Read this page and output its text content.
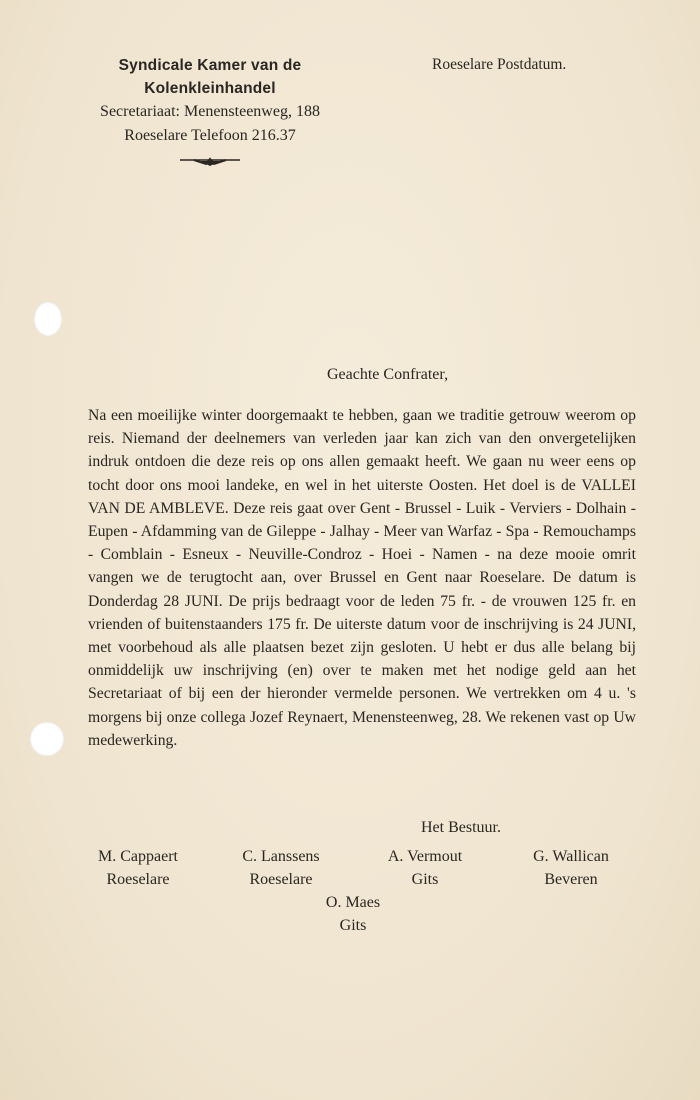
Syndicale Kamer van de
Kolenkleinhandel
Secretariaat: Menensteenweg, 188
Roeselare Telefoon 216.37
Roeselare Postdatum.
Geachte Confrater,
Na een moeilijke winter doorgemaakt te hebben, gaan we traditie getrouw weerom op reis. Niemand der deelnemers van verleden jaar kan zich van den onvergetelijken indruk ontdoen die deze reis op ons allen gemaakt heeft. We gaan nu weer eens op tocht door ons mooi landeke, en wel in het uiterste Oosten. Het doel is de VALLEI VAN DE AMBLEVE. Deze reis gaat over Gent - Brussel - Luik - Verviers - Dolhain - Eupen - Afdamming van de Gileppe - Jalhay - Meer van Warfaz - Spa - Remouchamps - Comblain - Esneux - Neuville-Condroz - Hoei - Namen - na deze mooie omrit vangen we de terugtocht aan, over Brussel en Gent naar Roeselare. De datum is Donderdag 28 JUNI. De prijs bedraagt voor de leden 75 fr. - de vrouwen 125 fr. en vrienden of buitenstaanders 175 fr. De uiterste datum voor de inschrijving is 24 JUNI, met voorbehoud als alle plaatsen bezet zijn gesloten. U hebt er dus alle belang bij onmiddelijk uw inschrijving (en) over te maken met het nodige geld aan het Secretariaat of bij een der hieronder vermelde personen. We vertrekken om 4 u. 's morgens bij onze collega Jozef Reynaert, Menensteenweg, 28. We rekenen vast op Uw medewerking.
Het Bestuur.
M. Cappaert
Roeselare
C. Lanssens
Roeselare
A. Vermout
Gits
G. Wallican
Beveren
O. Maes
Gits
